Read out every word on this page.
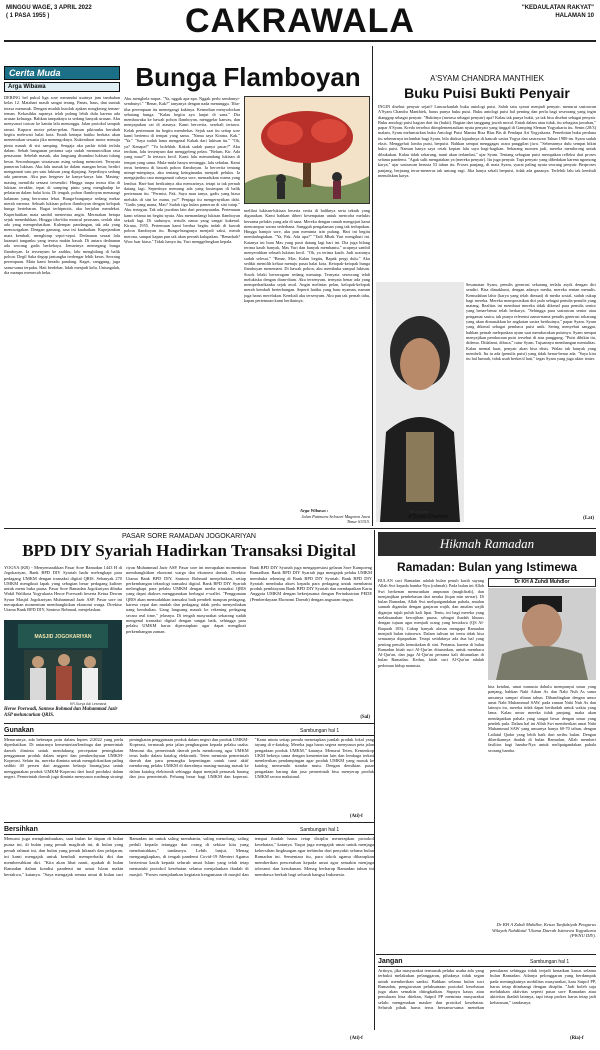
MINGGU WAGE, 3 APRIL 2022
( 1 PASA 1955 )	CAKRAWALA	"KEDAULATAN RAKYAT"
HALAMAN 10
Cerita Muda
Arga Wibawa	Bunga Flamboyan
DERING bel pukul liga sore menandai usainya jam tambahan kelas 12. Matahari masih sangat terang. Panas, haus, dan suntuk terasa menusuk. Dengan mudah kutolak ajakan nongkrong teman-teman. Kekasihku rupanya telah pulang lebih dulu karena ada urusan keluarga. Bahkan tampaknya ia sedang banyak urusan. Aku menyusuri trotoar ke kantin lalu menunggu. Jalan protokol tampak ramai. Kupacu motor pelan-pelan. Namun pikiranku berubah begitu melewati balai kota. Entah kenapa hatiku berkata akan menemukan sesuatu jika menengoknya. Kukendarai motor menuju pintu masuk di sisi samping. Sengaja aku parkir tidak terlalu dalam. Sebab bangunan pertama saja sudah memunculkan rasa penasaran. Sebelah masuk, aku langsung disambut lukisan tulang besar. Serombongan wisatawan asing sedang memotret. Ternyata pameran lukisan. Aku lalu masuk ke dalam ruangan besar, berdiri mengamati satu per satu lukisan yang dipajang. Seperlinya sedang ada pameran. Aku pun bergeser ke kanya-karya lain. Masing-masing memiliki sensasi tersendiri. Hingga tanpa terasa tiba di lukisan terakhir, tepat di samping pintu yang menghadap ke pelataran dalam balai kota. Di tengah, pohon flamboyan menaungi halaman yang berwarna lebat. Bunga-bunganya sedang mekar merah merona. Sebuah lukisan pohon flamboyan dengan kelopak bunga bertebaran. Bagai terhipnotis, aku berjalan mendekat. Kuperhatikan mata sambil menerima angin. Merasakan betapa sejuk meneduhkan. Hingga tiba-tiba muncul perasaan, seolah aku ada yang memperhatikan. Kulempar pandangan, tak ada yang mencurigakan. Dengan gamang, rasa ini kuabaikan. Kupejamkan mata kembali, menghirup sepoi-sepoi. Dedaunan sesaat lalu kuamati tanganku yang terasa makin basah. Di antara dedaunan ada seorang gadis berkebaya. Jemarinya memegang bunga flamboyan. Ia tersenyum ke arahku, lalu menghilang di balik pohon. Degil Saka degup jantungku terdengar lebih keras. Seorang perempuan. Mata kami beradu pandang. Kaget, canggung, juga sama-sama terpaku. Hati berdebar, lidah menjadi kelu. Untungalah, dia mampu memecah beku.
Aku menghela napas. "Ya, nggak apa-apa. Nggak perlu sembunyi-sembunyi." "Benar, Kak?" tanyanya dengan nada menunggu. Tiba-tiba perempuan itu memegangi kakinya. Kemudian menyodorkan sebatang bunga. "Kalau begitu ayo lanjut di sana." Dia membawaku ke bawah pohon flamboyan, menggelar kanvas, dan menyapukan cat di atasnya. Kami bercerita, sesekali tertawa. Kelak pertemuan itu begitu membekas. Sejak saat itu setiap sore kami bertemu di tempat yang sama. "Nama saya Kirana, Kak." "Ya." "Saya sudah lama mengenal Kakak dari lukisan itu." "Oh, ya? Kenapa?" "Ya bolehlah. Kakak sudah punya pacar?" Aku terdiam, lalu tersenyum dan menggeleng pelan. "Belum, Kir. Ada yang mau?" Ia tertawa kecil. Kami lalu memandang lukisan di tempat yang sama. Mula-mula hanya seminggu, lalu sebulan. Kami terus bertemu di bawah pohon flamboyan. Ia bercerita tentang mimpi-mimpinya, aku tentang keinginanku menjadi pelukis. Ia mengajariku cara mengamati cahaya sore, memadukan warna yang lembut. Hari-hari berikutnya aku mencarinya, tetapi ia tak pernah datang lagi. Sepertinya memang ada yang kusimpan di balik pertemuan itu. "Permisi, Pak. Saya mau tanya, gadis yang biasa melukis di sini ke mana, ya?" Penjaga itu mengernyitkan dahi. "Gadis yang mana, Mas? Sudah tiga bulan pameran di sini tutup." Aku tertegun. Tak ada jawaban lain dari pertanyaanku. Pertemuan kami selama ini begitu nyata. Aku memandangi lukisan flamboyan sekali lagi. Di sudutnya, tertulis nama yang sangat kukenal. Kirana, 1955. Pertemuan kami berdua begitu indah di bawah pohon flamboyan itu. Bunga-bunganya menjadi saksi, merah merona, sampai kapan pun tak akan pernah kulupakan. "Benarkah? Wow luar biasa." Tidak hanya itu, Yuri menggelengkan kepala.
melihat lukisan-lukisan beserta cerita di baliknya serta teknik yang digunakan. Kami bahkan diberi kesempatan untuk mencoba melukis bersama pelukis yang ada di sana. Mereka dengan ramah mengajari kami mencampur warna sederhana. Sungguh pengalaman yang tak terlupakan. Hingga hampir sore, aku pun meminta izin pulang. Hari ini begitu membahagiakan. "Ya, Pak. Ada apa?" "Tadi Mbak Yuri mengikuti ini. Katanya ini buat Mas yang pasti datang lagi hari ini. Dia juga bilang terima kasih banyak, Mas Yuri dan banyak membantu," ucapnya sambil menyerahkan sebuah lukisan kecil. "Oh, ya terima kasih. Jadi acaranya sudah selesai." "Benar, Mas. Kalau begitu, Bapak pergi dulu." Aku sedikit memilih keluar menuju pusat balai kota. Ketopak-ketopak bunga flamboyan menemani. Di bawah pohon, aku membuka sampul lukisan. Sosok lelaki berseragam sedang menatap. Ternyata seseorang telah melukisku dengan diam-diam. Aku tersenyum, ternyata benar ada yang memperhatikanku sejak awal. Angin melintas pelan, kelopak-kelopak merah kembali berterbangan. Seperti hatiku yang baru nyaman, namun juga harus merelakan. Kembali aku tersenyum. Aku pun tak pernah tahu, kapan pertemuan kami berikutnya.
Arga Wibawa :
Jalan Patimura Selosari Magetan Jawa Timur 63315.
A'SYAM CHANDRA MANTHIEK
Buku Puisi Bukti Penyair
INGIN disebut penyair sejati? Luncurkanlah buku antologi puisi. Salah satu syarat menjadi penyair, menurut sastrawan A'Syam Chandra Manthiek, harus punya buku puisi. Buku antologi puisi hal penting dan perlu bagi seseorang yang ingin dianggap sebagai penyair. "Buktinya (merasa sebagai penyair) apa? Kalau tak punya bukti, ya tak bisa disebut sebagai penyair. Buku antologi puisi bagian dari itu (bukti). Bagian dari tanggung jawab moral. Entah dalam atau tidak, itu sebagian jawaban," papar A'Syam. Kredo tersebut diimplementasikan nyata penyair yang tinggal di Gamping Sleman Yogyakarta itu. Senin (28/3) malam, Syam meluncurkan buku Antologi Puisi Mantra Bisa Blus Bis di Pendapa Art Yogyakarta. Penerbitan buku perdana itu sebenarnya terlambat bagi Syam, bila diukur kiprahnya di kancah sastra Yogya dan sastrawan Tahun 1980-an. Syam sudah eksis. Menggeluti lomba puisi, berpuisi. Bahkan sempat menggagas acara panggilan jiwa. "Sebenarnya dulu sempat bikin buku puisi. Namun hanya saya cetak kopian lalu saya bagi-bagikan. Sekarang momen jadi, mereka mendorong untuk dibukukan. Kalau tidak sekarang, nanti akan terlambat," ujar Syam. Tentang sebagian puisi merupakan refleksi dari proses selama pandemi. "Agak sulit mengatakan ya (mereka penyair). Itu juga penyair. Tapi penyair yang dibedakan karena ngomong karya," ujar sastrawan berusia 53 tahun itu. Proses panjang, di mata Syam, syarat paling nyata seorang penyair. Berproses panjang, berjuang terus-menerus tak untung rugi. Jika hanya sekali berpuisi, tidak ada gunanya. Terlebih lalu tak kembali menuliskan karya.
Sesamatan Syam, penulis generasi sekarang terlalu asyik dengan diri sendiri. Bisa dimaklumi, dengan adanya media, mereka rentan menulis. Kemudahan lahir (karya yang telah dimuat) di media sosial, sudah cukup bagi mereka. Mereka memposisikan diri pula sebagai penulis-penulis yang matang. Realitas ini membuat mereka tidak dikenal para penulis senior yang benar-benar telah berkarya. "Sehingga para sastrawan senior atau pengamat sastra, tak punya referensi nama-nama penulis generasi sekarang yang akan dimasukkan ke angkatan sastra berikutnya," papar Syam. Syam yang dikenal sebagai pembaca puisi unik. Sering menyebut sanggar, bahkan pernah melepaskan ayam saat membacakan puisinya. Syam sempat menyajikan pembacaan puisi tersebut di atas panggung. "Puisi dibikin itu, didemo. Didalami, dibaca," tutur Syam. Tujuannya membangun mentalitas. Kalau mental kuat, penyair akan bisa eksis. Walau tak banyak yang membeli. Itu tu ada (penulis puisi) yang tidak benar-benar ada. "Saya kira itu hal lumrah, tidak usah berkecil hati," tegas Syam yang juga aktor teater.
KR-Lusiano
A'Syam Chandra	(Lat)
PASAR SORE RAMADAN JOGOKARIYAN
BPD DIY Syariah Hadirkan Transaksi Digital
YOGYA (KR) - Menyemarakkan Pasar Sore Ramadan 1443 H di Jogokariyan, Bank BPD DIY Syariah hadir melengkapi para pedagang UMKM dengan transaksi digital QRIS. Sebanyak 270 UMKM mengikuti lapak yang sebagian besar pedagang kuliner untuk menu buka puasa. Pasar Sore Ramadan Jogokariyan dibuka Wakil Walikota Yogyakarta Heroe Poerwadi beserta Ketua Dewan Syura Masjid Jogokariyan Muhammad Jazir ASP. Pasar sore ini merupakan momentum membangkitkan ekonomi warga. Direktur Utama Bank BPD DIY, Santoso Rohmad, menjelaskan.
MASJID JOGOKARIYAN
KR-Surya Adi Lesmana
Heroe Poerwadi, Santoso Rohmad dan Muhammad Jazir ASP meluncurkan QRIS.
riyan Muhammad Jazir ASP. Pasar sore ini merupakan momentum membangkitkan ekonomi warga dan ekonomi daerah. Direktur Utama Bank BPD DIY, Santoso Rohmad menjelaskan, setiap perkembangan teknologi transaksi digital. Bank BPD DIY Syariah melengkapi para pelaku UMKM dengan media transaksi QRIS yang dapat diakses menggunakan berbagai e-wallet. "Penggunaan QRIS akan memudahkan transaksi baik pembeli maupun pedagang, karena cepat dan mudah dan pedagang tidak perlu menyediakan uang kembalian. Uang langsung masuk ke rekening pedagang secara real time," jelasnya. Di tengah masyarakat sekarang sudah mengenal transaksi digital dengan sangat baik, sehingga para pelaku UMKM harus dipersiapkan agar dapat mengikuti perkembangan zaman.
Bank BPD DIY Syariah juga mengapresiasi gelaran Sore Kampoeng Ramadhan. Bank BPD DIY Syariah juga mengajak pelaku UMKM membuka rekening di Bank BPD DIY Syariah. Bank BPD DIY Syariah membuka akses kepada para pedagang untuk membantu produk pembiayaan Bank BPD DIY Syariah dan mendapatkan Kartu Anggota UMKM dengan bekerjasama dengan Perindustrian PEDE (Pemberdayaan Ekonomi Daerah) dengan angsuran ringan.
(Sal)
Gunakan	Sambungan hal 1
Menurutnya, ada beberapa poin dalam Inpres 2/2022 yang perlu diperhatikan. Di antaranya kementerian/lembaga dan pemerintah daerah diminta untuk mendukung percepatan peningkatan penggunaan produk dalam negeri dan pemberdayaan UMKM-Koperasi. Selain itu, mereka diminta untuk mengalokasikan paling sedikit 40 persen dari anggaran belanja barang/jasa untuk menggunakan produk UMKM-Koperasi dari hasil produksi dalam negeri. Pemerintah daerah juga diminta menyusun roadmap strategi peningkatan penggunaan produk dalam negeri dan produk UMKM-Koperasi, termasuk peta jalan penghargaan kepada pelaku usaha. Menurut dia, pemerintah daerah perlu mendorong agar UMKM terus hadir dalam katalog elektronik. Teten meminta pemerintah daerah dan para pemangku kepentingan untuk turut aktif mendorong pelaku UMKM di daerahnya masing-masing masuk ke dalam katalog elektronik sehingga dapat menjadi pemasok barang dan jasa pemerintah. Peluang besar bagi UMKM dan koperasi. "Kami minta setiap pemda menetapkan jumlah produk lokal yang tayang di e-katalog. Mereka juga harus segera menyusun peta jalan pengadaan produk UMKM," katanya. Menurut Teten, Kemenkop UKM bekerja sama dengan kementerian lain dan lembaga terkait memberikan pendampingan agar produk UMKM yang masuk ke katalog memenuhi standar mutu. Dengan demikian pasar pengadaan barang dan jasa pemerintah bisa menyerap produk UMKM secara maksimal.
(Ati)-f
Bersihkan	Sambungan hal 1
Menurut juga menghimbaukan, saat bulan ke dapan di bulan puasa ini, di bulan yang penuh magfirah ini, di bulan yang penuh rahmat ini, dan bulan yang penuh hikmah dan pelajaran, ini kami mengajak untuk kembali memperbaiki diri dan membersihkan diri. "Kita akan lihat nanti, apakah di bulan Ramadan dalam kondisi pandemi ini umat Islam makin bertakwa," katanya. "Saya mengajak semua umat di bulan suci Ramadan ini untuk saling membantu, saling menolong, saling peduli kepada tetangga dan orang di sekitar kita yang membutuhkan," tandasnya. Lebih lanjut, Menag mengungkapkan, di tengah pandemi Covid-19 Menteri Agama berterima kasih kepada seluruh umat Islam yang telah tetap mematuhi protokol kesehatan selama menjalankan ibadah di masjid. "Proses menjalankan kegiatan keagamaan di masjid dan tempat ibadah harus tetap disiplin menerapkan protokol kesehatan," katanya. Yaqut juga mengajak umat untuk menjaga kebersihan lingkungan agar terhindar dari penyakit selama bulan Ramadan ini. Sementara itu, para tokoh agama diharapkan memberikan pencerahan kepada umat agar semakin menjaga toleransi dan kerukunan. Menag berharap Ramadan tahun ini membawa berkah bagi seluruh bangsa Indonesia.
(Ati)-f
Hikmah Ramadan
Ramadan: Bulan yang Istimewa
BULAN suci Ramadan adalah bulan penuh kasih sayang Allah Swt kepada hamba-Nya (rahmah). Pada bulan ini Allah Swt berkenan menurunkan ampunan (maghfirah), dan menjanjikan pembebasan dari neraka (itqun min an-nar). Di bulan Ramadan, Allah Swt melipatgandakan pahala, amalan sunnah digandar dengan ganjaran wajib, dan amalan wajib diganjar tujuh puluh kali lipat. Tentu, ini bagi mereka yang melaksanakan kewajiban puasa, sebagai ibadah khusus dengan tujuan agar menjadi orang yang bertakwa (QS Al-Baqarah 183). Cukup banyak alasan mengapa Ramadan menjadi bulan istimewa. Dalam tulisan ini tentu tidak bisa semuanya dipaparkan. Tetapi setidaknya ada dua hal yang penting penulis kemukakan di sini. Pertama, karena di bulan Ramadan kitab suci Al-Qur'an diturunkan, untuk membaca Al-Qur'an, dan juga Al-Qur'an pertama kali diturunkan di bulan Ramadan. Kedua, kitab suci Al-Qur'an adalah pedoman hidup manusia.
Dr KH A Zuhdi Muhdlor
kita ketahui, umat manusia dahulu mempunyai umur yang panjang, bahkan Nabi Adam As dan Nabi Nuh As sama umurnya sampai ribuan tahun. Dibandingkan dengan umur umat Nabi Muhammad SAW, pada zaman Nabi Nuh As dan lainnya itu, mereka tidak dapat beribadah untuk waktu yang lama. Kalau umur mereka tidak panjang, maka akan mendapatkan pahala yang sangat besar dengan umur yang pendek pula. Dalam hal ini Allah Swt memberikan umat Nabi Muhammad SAW yang umurnya hanya 60-70 tahun, dengan Lailatul Qadar yang lebih baik dari seribu bulan. Dengan diberikannya ibadah di bulan Ramadan, Allah memberi fasilitas bagi hamba-Nya untuk melipatgandakan pahala seorang hamba.
Dr KH A Zuhdi Muhdlor, Ketua Tanfidziyah Pengurus Wilayah Nahdlatul 'Ulama Daerah Istimewa Yogyakarta (PWNU DIY).
Jangan	Sambungan hal 1
Artinya, jika masyarakat termasuk pelaku usaha ada yang terbukti melakukan pelanggaran, pihaknya tidak segan untuk memberikan sanksi. Bahkan selama bulan suci Ramadan, pengawasan pelaksanaan protokol kesehatan juga akan semakin ditingkatkan. Supaya kasus atau penularan bisa ditekan, Satpol PP meminta masyarakat selalu mengenakan masker dan protokol kesehatan. Seluruh pihak harus terus bersama-sama menekan penularan sehingga tidak terjadi kenaikan kasus selama bulan Ramadan. Adanya pelonggaran yang berdampak pada meningkatnya mobilitas masyarakat, kata Satpol PP, harus tetap diimbangi dengan disiplin. "Jadi boleh saja melakukan aktivitas seperti pasar sore Ramadan atau aktivitas ibadah lainnya, tapi tetap prokes harus tetap jadi keharusan," tandasnya.
(Ria)-f
